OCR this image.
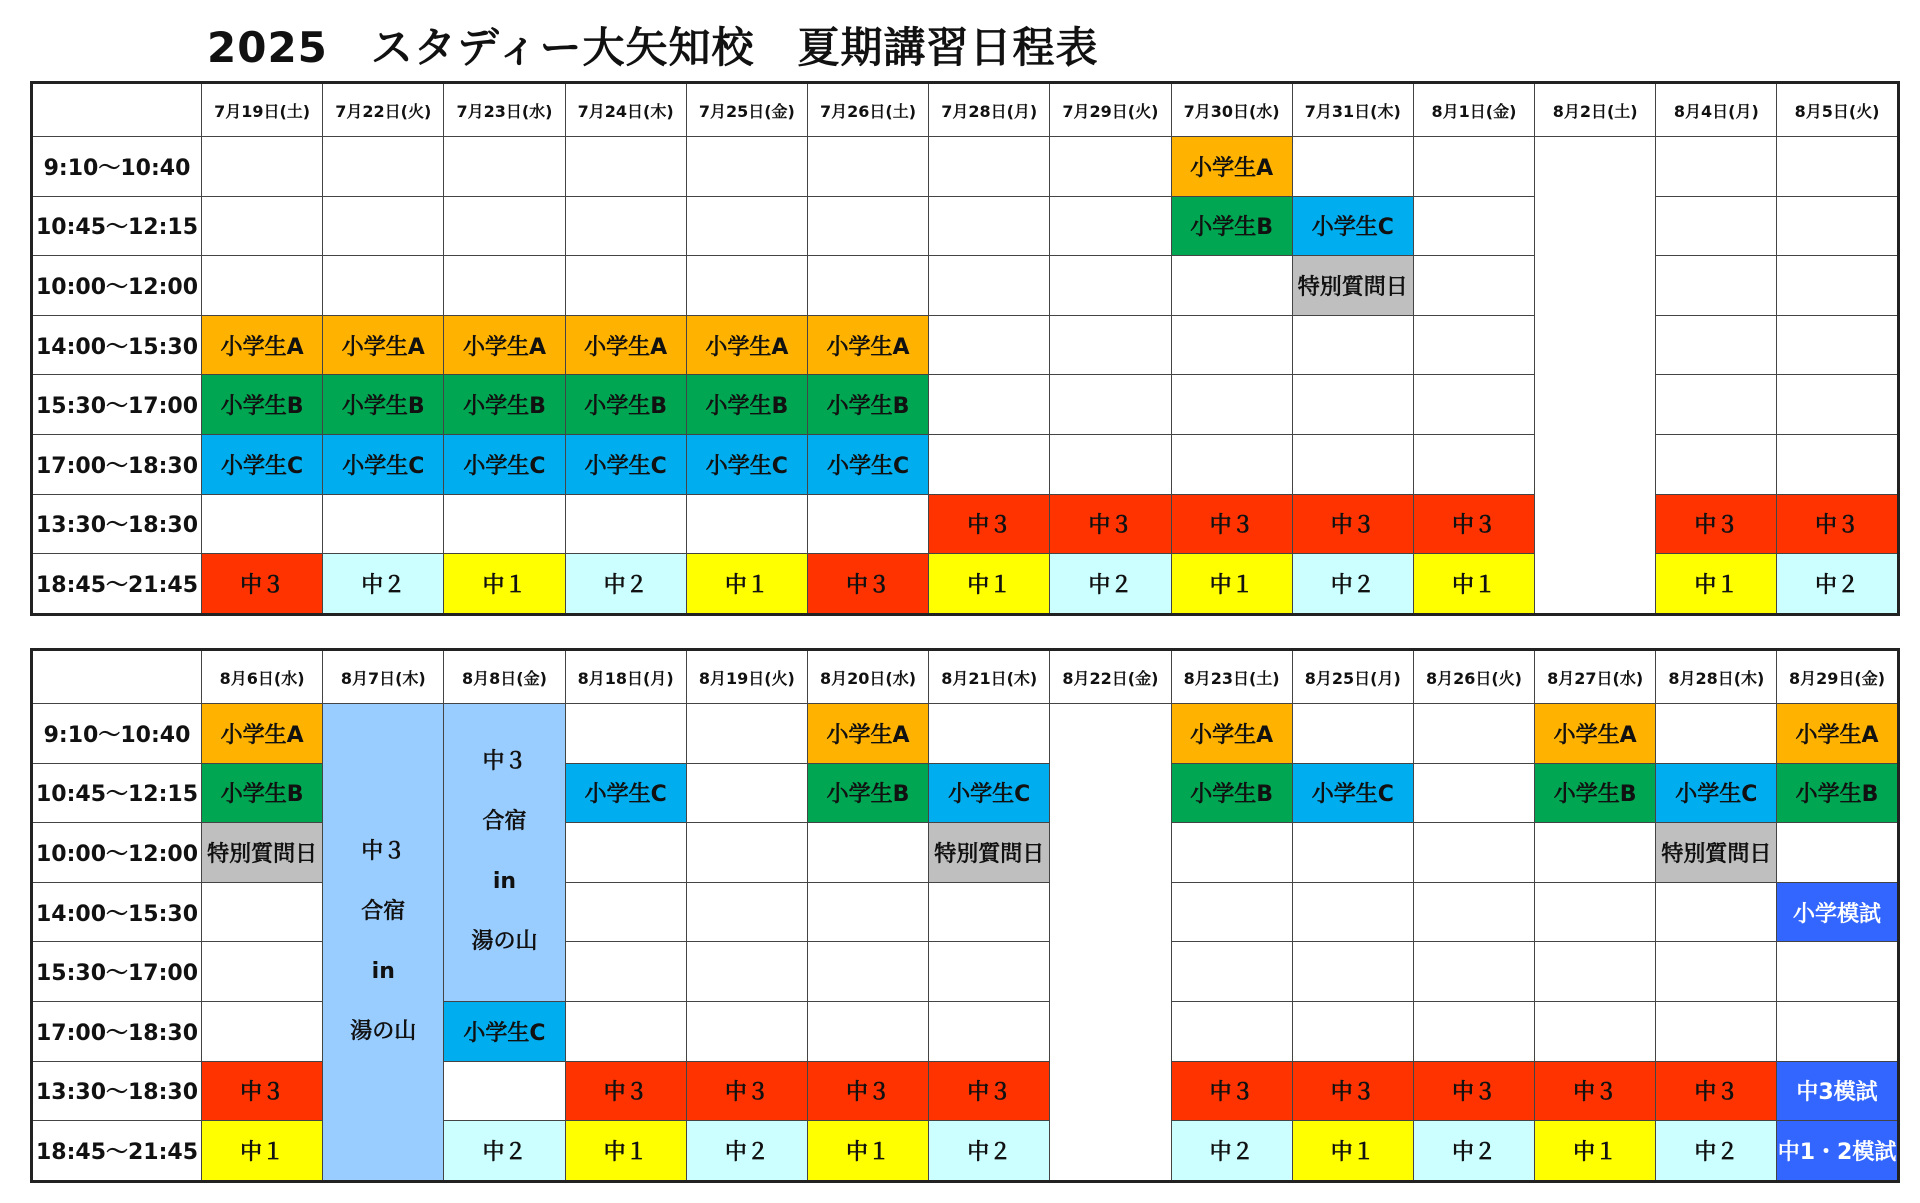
2025　スタディー大矢知校　夏期講習日程表
	7月19日(土)	7月22日(火)	7月23日(水)	7月24日(木)	7月25日(金)	7月26日(土)	7月28日(月)	7月29日(火)	7月30日(水)	7月31日(木)	8月1日(金)	8月2日(土)	8月4日(月)	8月5日(火)
9:10〜10:40									小学生A					
10:45〜12:15									小学生B	小学生C				
10:00〜12:00										特別質問日				
14:00〜15:30	小学生A	小学生A	小学生A	小学生A	小学生A	小学生A								
15:30〜17:00	小学生B	小学生B	小学生B	小学生B	小学生B	小学生B								
17:00〜18:30	小学生C	小学生C	小学生C	小学生C	小学生C	小学生C								
13:30〜18:30							中３	中３	中３	中３	中３		中３	中３
18:45〜21:45	中３	中２	中１	中２	中１	中３	中１	中２	中１	中２	中１		中１	中２
	8月6日(水)	8月7日(木)	8月8日(金)	8月18日(月)	8月19日(火)	8月20日(水)	8月21日(木)	8月22日(金)	8月23日(土)	8月25日(月)	8月26日(火)	8月27日(水)	8月28日(木)	8月29日(金)
9:10〜10:40	小学生A	中３
合宿
in
湯の山	中３
合宿
in
湯の山			小学生A			小学生A			小学生A		小学生A
10:45〜12:15	小学生B			小学生C		小学生B	小学生C		小学生B	小学生C		小学生B	小学生C	小学生B
10:00〜12:00	特別質問日						特別質問日						特別質問日	
14:00〜15:30														小学模試
15:30〜17:00														
17:00〜18:30			小学生C											
13:30〜18:30	中３			中３	中３	中３	中３		中３	中３	中３	中３	中３	中3模試
18:45〜21:45	中１		中２	中１	中２	中１	中２		中２	中１	中２	中１	中２	中1・2模試
